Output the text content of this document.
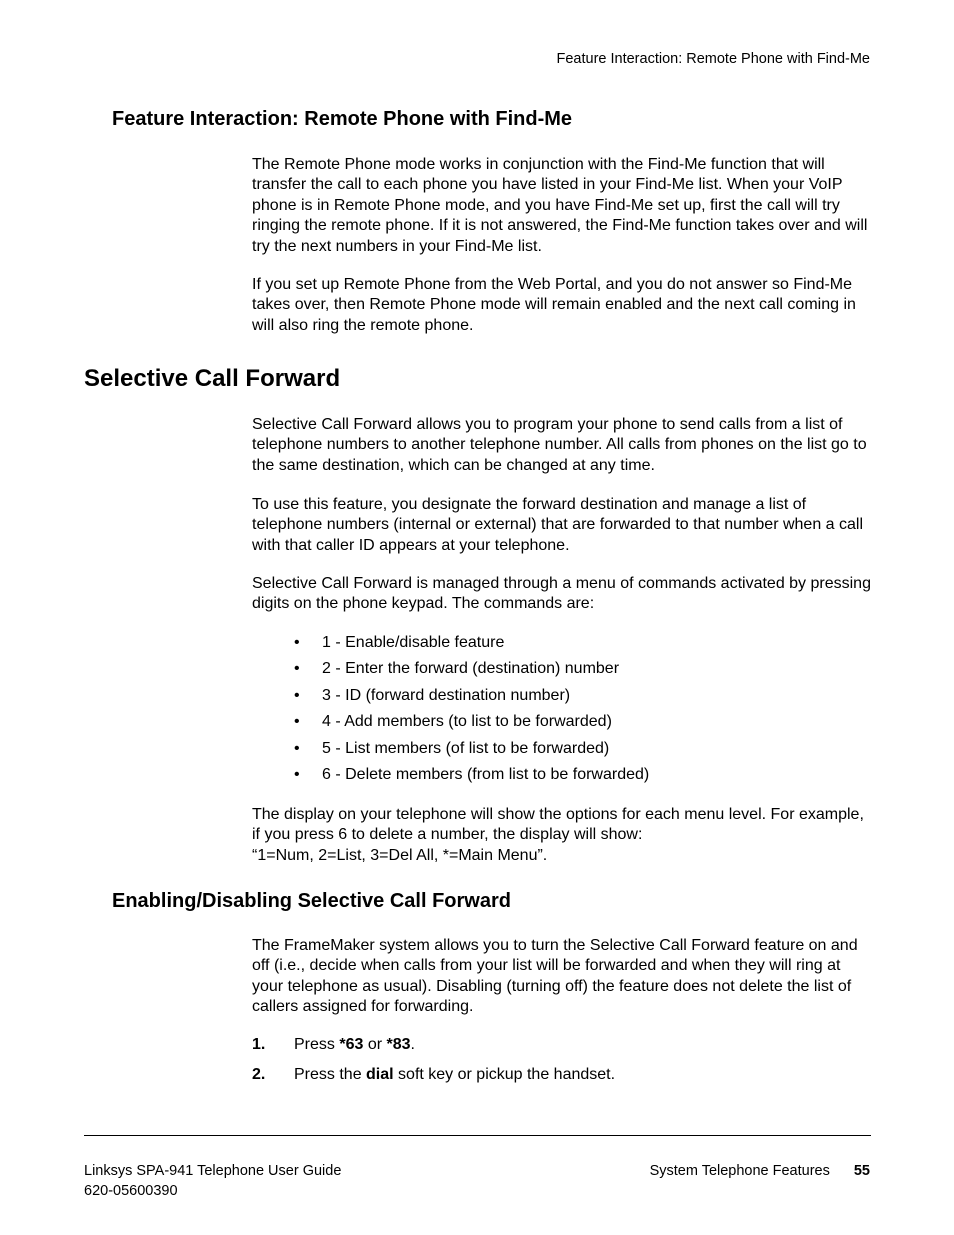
Feature Interaction: Remote Phone with Find-Me
Feature Interaction: Remote Phone with Find-Me

The Remote Phone mode works in conjunction with the Find-Me function that will transfer the call to each phone you have listed in your Find-Me list. When your VoIP phone is in Remote Phone mode, and you have Find-Me set up, first the call will try ringing the remote phone. If it is not answered, the Find-Me function takes over and will try the next numbers in your Find-Me list.

If you set up Remote Phone from the Web Portal, and you do not answer so Find-Me takes over, then Remote Phone mode will remain enabled and the next call coming in will also ring the remote phone.

Selective Call Forward

Selective Call Forward allows you to program your phone to send calls from a list of telephone numbers to another telephone number. All calls from phones on the list go to the same destination, which can be changed at any time.

To use this feature, you designate the forward destination and manage a list of telephone numbers (internal or external) that are forwarded to that number when a call with that caller ID appears at your telephone.

Selective Call Forward is managed through a menu of commands activated by pressing digits on the phone keypad. The commands are:

• 1 - Enable/disable feature
• 2 - Enter the forward (destination) number
• 3 - ID (forward destination number)
• 4 - Add members (to list to be forwarded)
• 5 - List members (of list to be forwarded)
• 6 - Delete members (from list to be forwarded)

The display on your telephone will show the options for each menu level. For example, if you press 6 to delete a number, the display will show:
“1=Num, 2=List, 3=Del All, *=Main Menu”.

Enabling/Disabling Selective Call Forward

The FrameMaker system allows you to turn the Selective Call Forward feature on and off (i.e., decide when calls from your list will be forwarded and when they will ring at your telephone as usual). Disabling (turning off) the feature does not delete the list of callers assigned for forwarding.

1. Press *63 or *83.
2. Press the dial soft key or pickup the handset.
Linksys SPA-941 Telephone User Guide
620-05600390
System Telephone Features 55
